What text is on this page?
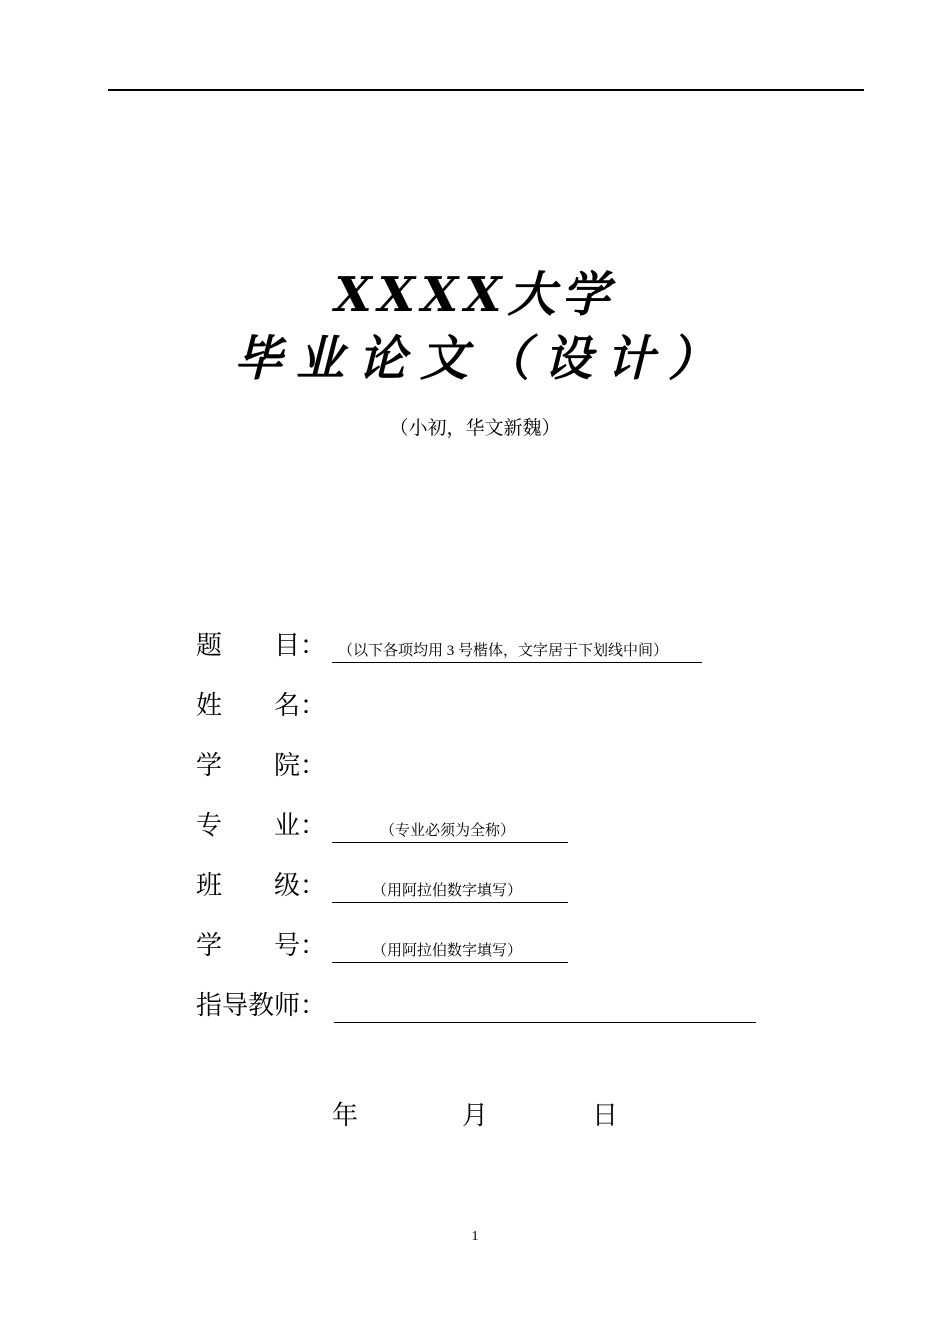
XXXX大学
毕业论文（设计）
（小初，华文新魏）
题　　目： （以下各项均用 3 号楷体，文字居于下划线中间）
姓　　名：
学　　院：
专　　业：	（专业必须为全称）
班　　级：	（用阿拉伯数字填写）
学　　号：	（用阿拉伯数字填写）
指导教师：
年　　　　月　　　　日
1
